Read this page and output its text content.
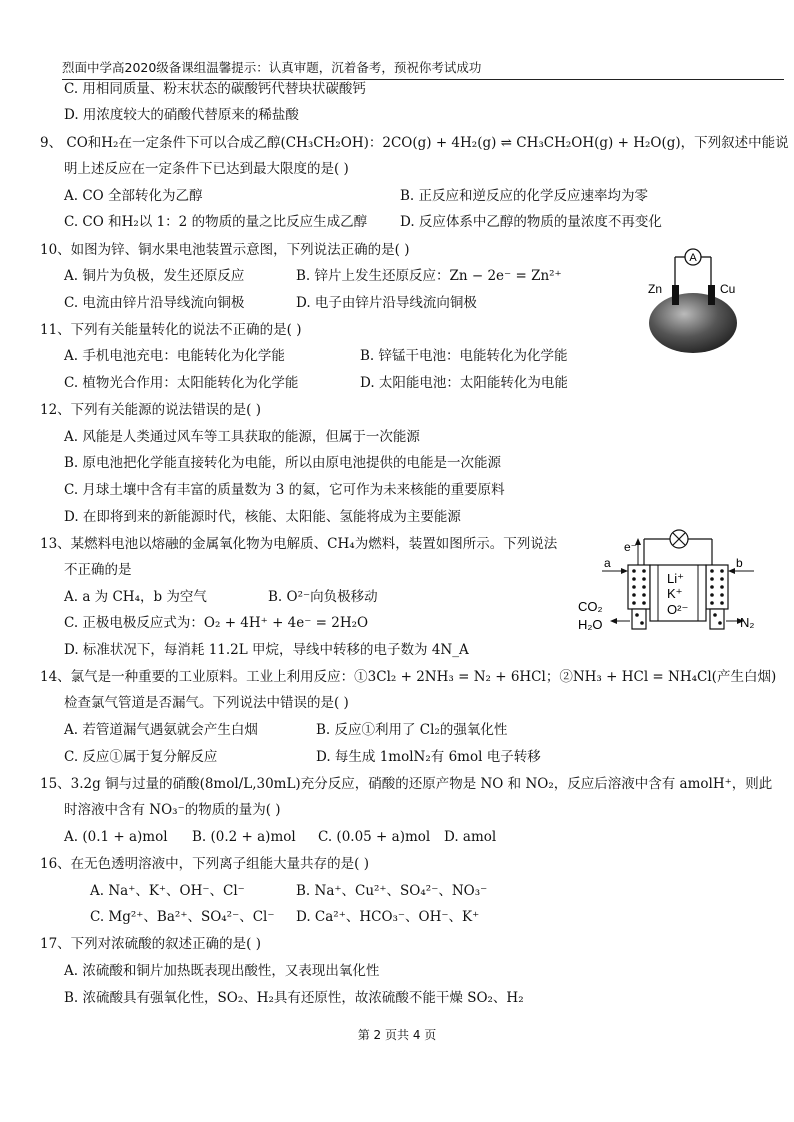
烈面中学高2020级备课组温馨提示：认真审题，沉着备考，预祝你考试成功
C. 用相同质量、粉末状态的碳酸钙代替块状碳酸钙
D. 用浓度较大的硝酸代替原来的稀盐酸
9、 CO和H₂在一定条件下可以合成乙醇(CH₃CH₂OH)：2CO(g) + 4H₂(g) ⇌ CH₃CH₂OH(g) + H₂O(g)，下列叙述中能说
明上述反应在一定条件下已达到最大限度的是( )
A. CO 全部转化为乙醇	B. 正反应和逆反应的化学反应速率均为零
C. CO 和H₂以 1：2 的物质的量之比反应生成乙醇 D. 反应体系中乙醇的物质的量浓度不再变化
10、如图为锌、铜水果电池装置示意图，下列说法正确的是( )
A. 铜片为负极，发生还原反应	B. 锌片上发生还原反应：Zn − 2e⁻ = Zn²⁺
C. 电流由锌片沿导线流向铜极	D. 电子由锌片沿导线流向铜极
11、下列有关能量转化的说法不正确的是( )
A. 手机电池充电：电能转化为化学能	B. 锌锰干电池：电能转化为化学能
C. 植物光合作用：太阳能转化为化学能	D. 太阳能电池：太阳能转化为电能
12、下列有关能源的说法错误的是( )
A. 风能是人类通过风车等工具获取的能源，但属于一次能源
B. 原电池把化学能直接转化为电能，所以由原电池提供的电能是一次能源
C. 月球土壤中含有丰富的质量数为 3 的氦，它可作为未来核能的重要原料
D. 在即将到来的新能源时代，核能、太阳能、氢能将成为主要能源
13、某燃料电池以熔融的金属氧化物为电解质、CH₄为燃料，装置如图所示。下列说法
不正确的是
A. a 为 CH₄，b 为空气	B. O²⁻向负极移动
C. 正极电极反应式为：O₂ + 4H⁺ + 4e⁻ = 2H₂O
D. 标准状况下，每消耗 11.2L 甲烷，导线中转移的电子数为 4N_A
14、氯气是一种重要的工业原料。工业上利用反应：①3Cl₂ + 2NH₃ = N₂ + 6HCl；②NH₃ + HCl = NH₄Cl(产生白烟)
检查氯气管道是否漏气。下列说法中错误的是( )
A. 若管道漏气遇氨就会产生白烟	B. 反应①利用了 Cl₂的强氧化性
C. 反应①属于复分解反应	D. 每生成 1molN₂有 6mol 电子转移
15、3.2g 铜与过量的硝酸(8mol/L,30mL)充分反应，硝酸的还原产物是 NO 和 NO₂，反应后溶液中含有 amolH⁺，则此
时溶液中含有 NO₃⁻的物质的量为( )
A. (0.1 + a)mol B. (0.2 + a)mol C. (0.05 + a)mol D. amol
16、在无色透明溶液中，下列离子组能大量共存的是( )
A. Na⁺、K⁺、OH⁻、Cl⁻	B. Na⁺、Cu²⁺、SO₄²⁻、NO₃⁻
C. Mg²⁺、Ba²⁺、SO₄²⁻、Cl⁻ D. Ca²⁺、HCO₃⁻、OH⁻、K⁺
17、下列对浓硫酸的叙述正确的是( )
A. 浓硫酸和铜片加热既表现出酸性，又表现出氧化性
B. 浓硫酸具有强氧化性，SO₂、H₂具有还原性，故浓硫酸不能干燥 SO₂、H₂
A
Zn	Cu
e⁻
Li⁺
K⁺
O²⁻
a	b
CO₂
H₂O	N₂
第 2 页共 4 页
